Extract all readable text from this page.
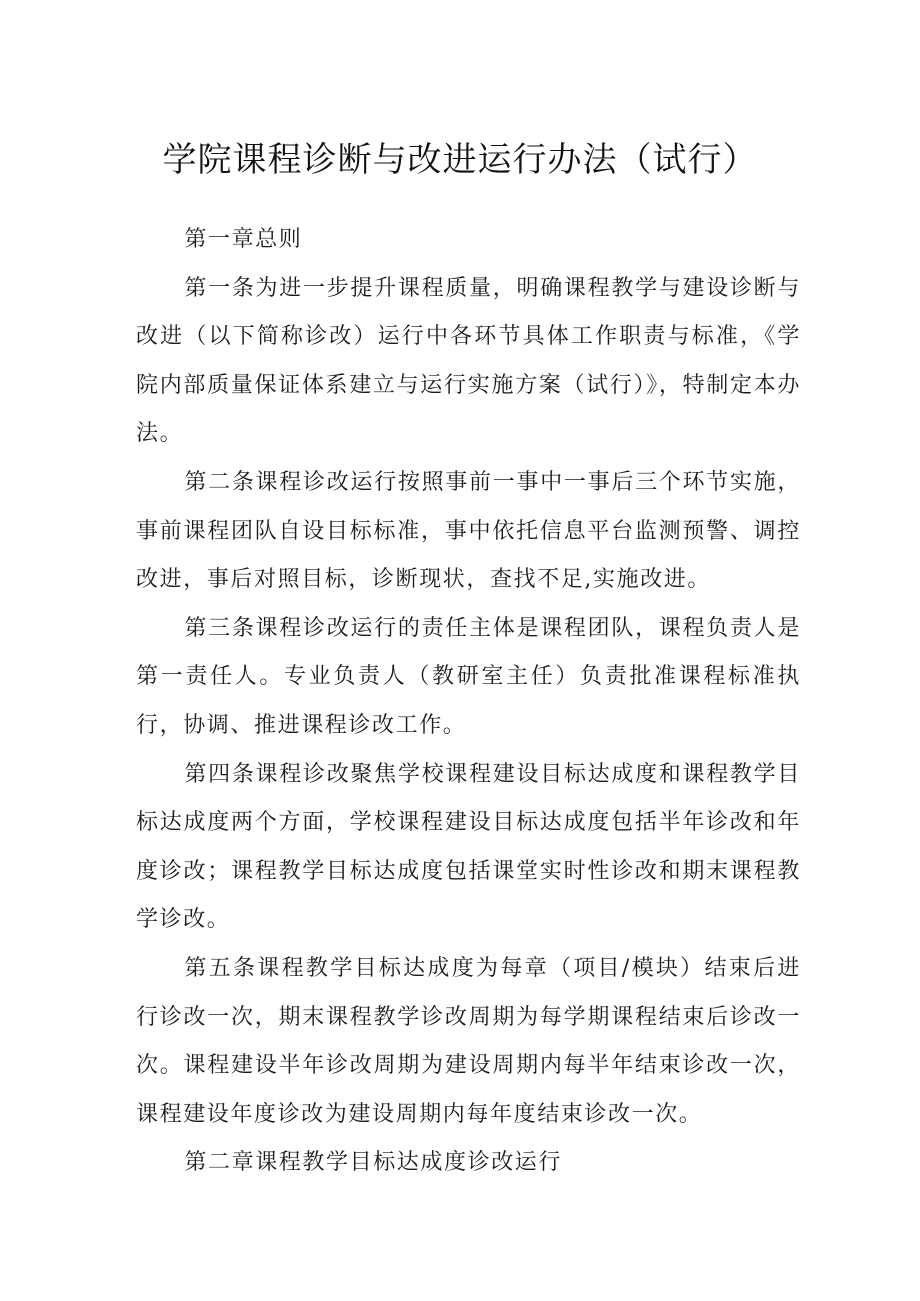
学院课程诊断与改进运行办法（试行）

第一章总则

第一条为进一步提升课程质量，明确课程教学与建设诊断与改进（以下简称诊改）运行中各环节具体工作职责与标准，《学院内部质量保证体系建立与运行实施方案（试行）》，特制定本办法。

第二条课程诊改运行按照事前一事中一事后三个环节实施，事前课程团队自设目标标准，事中依托信息平台监测预警、调控改进，事后对照目标，诊断现状，查找不足,实施改进。

第三条课程诊改运行的责任主体是课程团队，课程负责人是第一责任人。专业负责人（教研室主任）负责批准课程标准执行，协调、推进课程诊改工作。

第四条课程诊改聚焦学校课程建设目标达成度和课程教学目标达成度两个方面，学校课程建设目标达成度包括半年诊改和年度诊改；课程教学目标达成度包括课堂实时性诊改和期末课程教学诊改。

第五条课程教学目标达成度为每章（项目/模块）结束后进行诊改一次，期末课程教学诊改周期为每学期课程结束后诊改一次。课程建设半年诊改周期为建设周期内每半年结束诊改一次，课程建设年度诊改为建设周期内每年度结束诊改一次。

第二章课程教学目标达成度诊改运行
